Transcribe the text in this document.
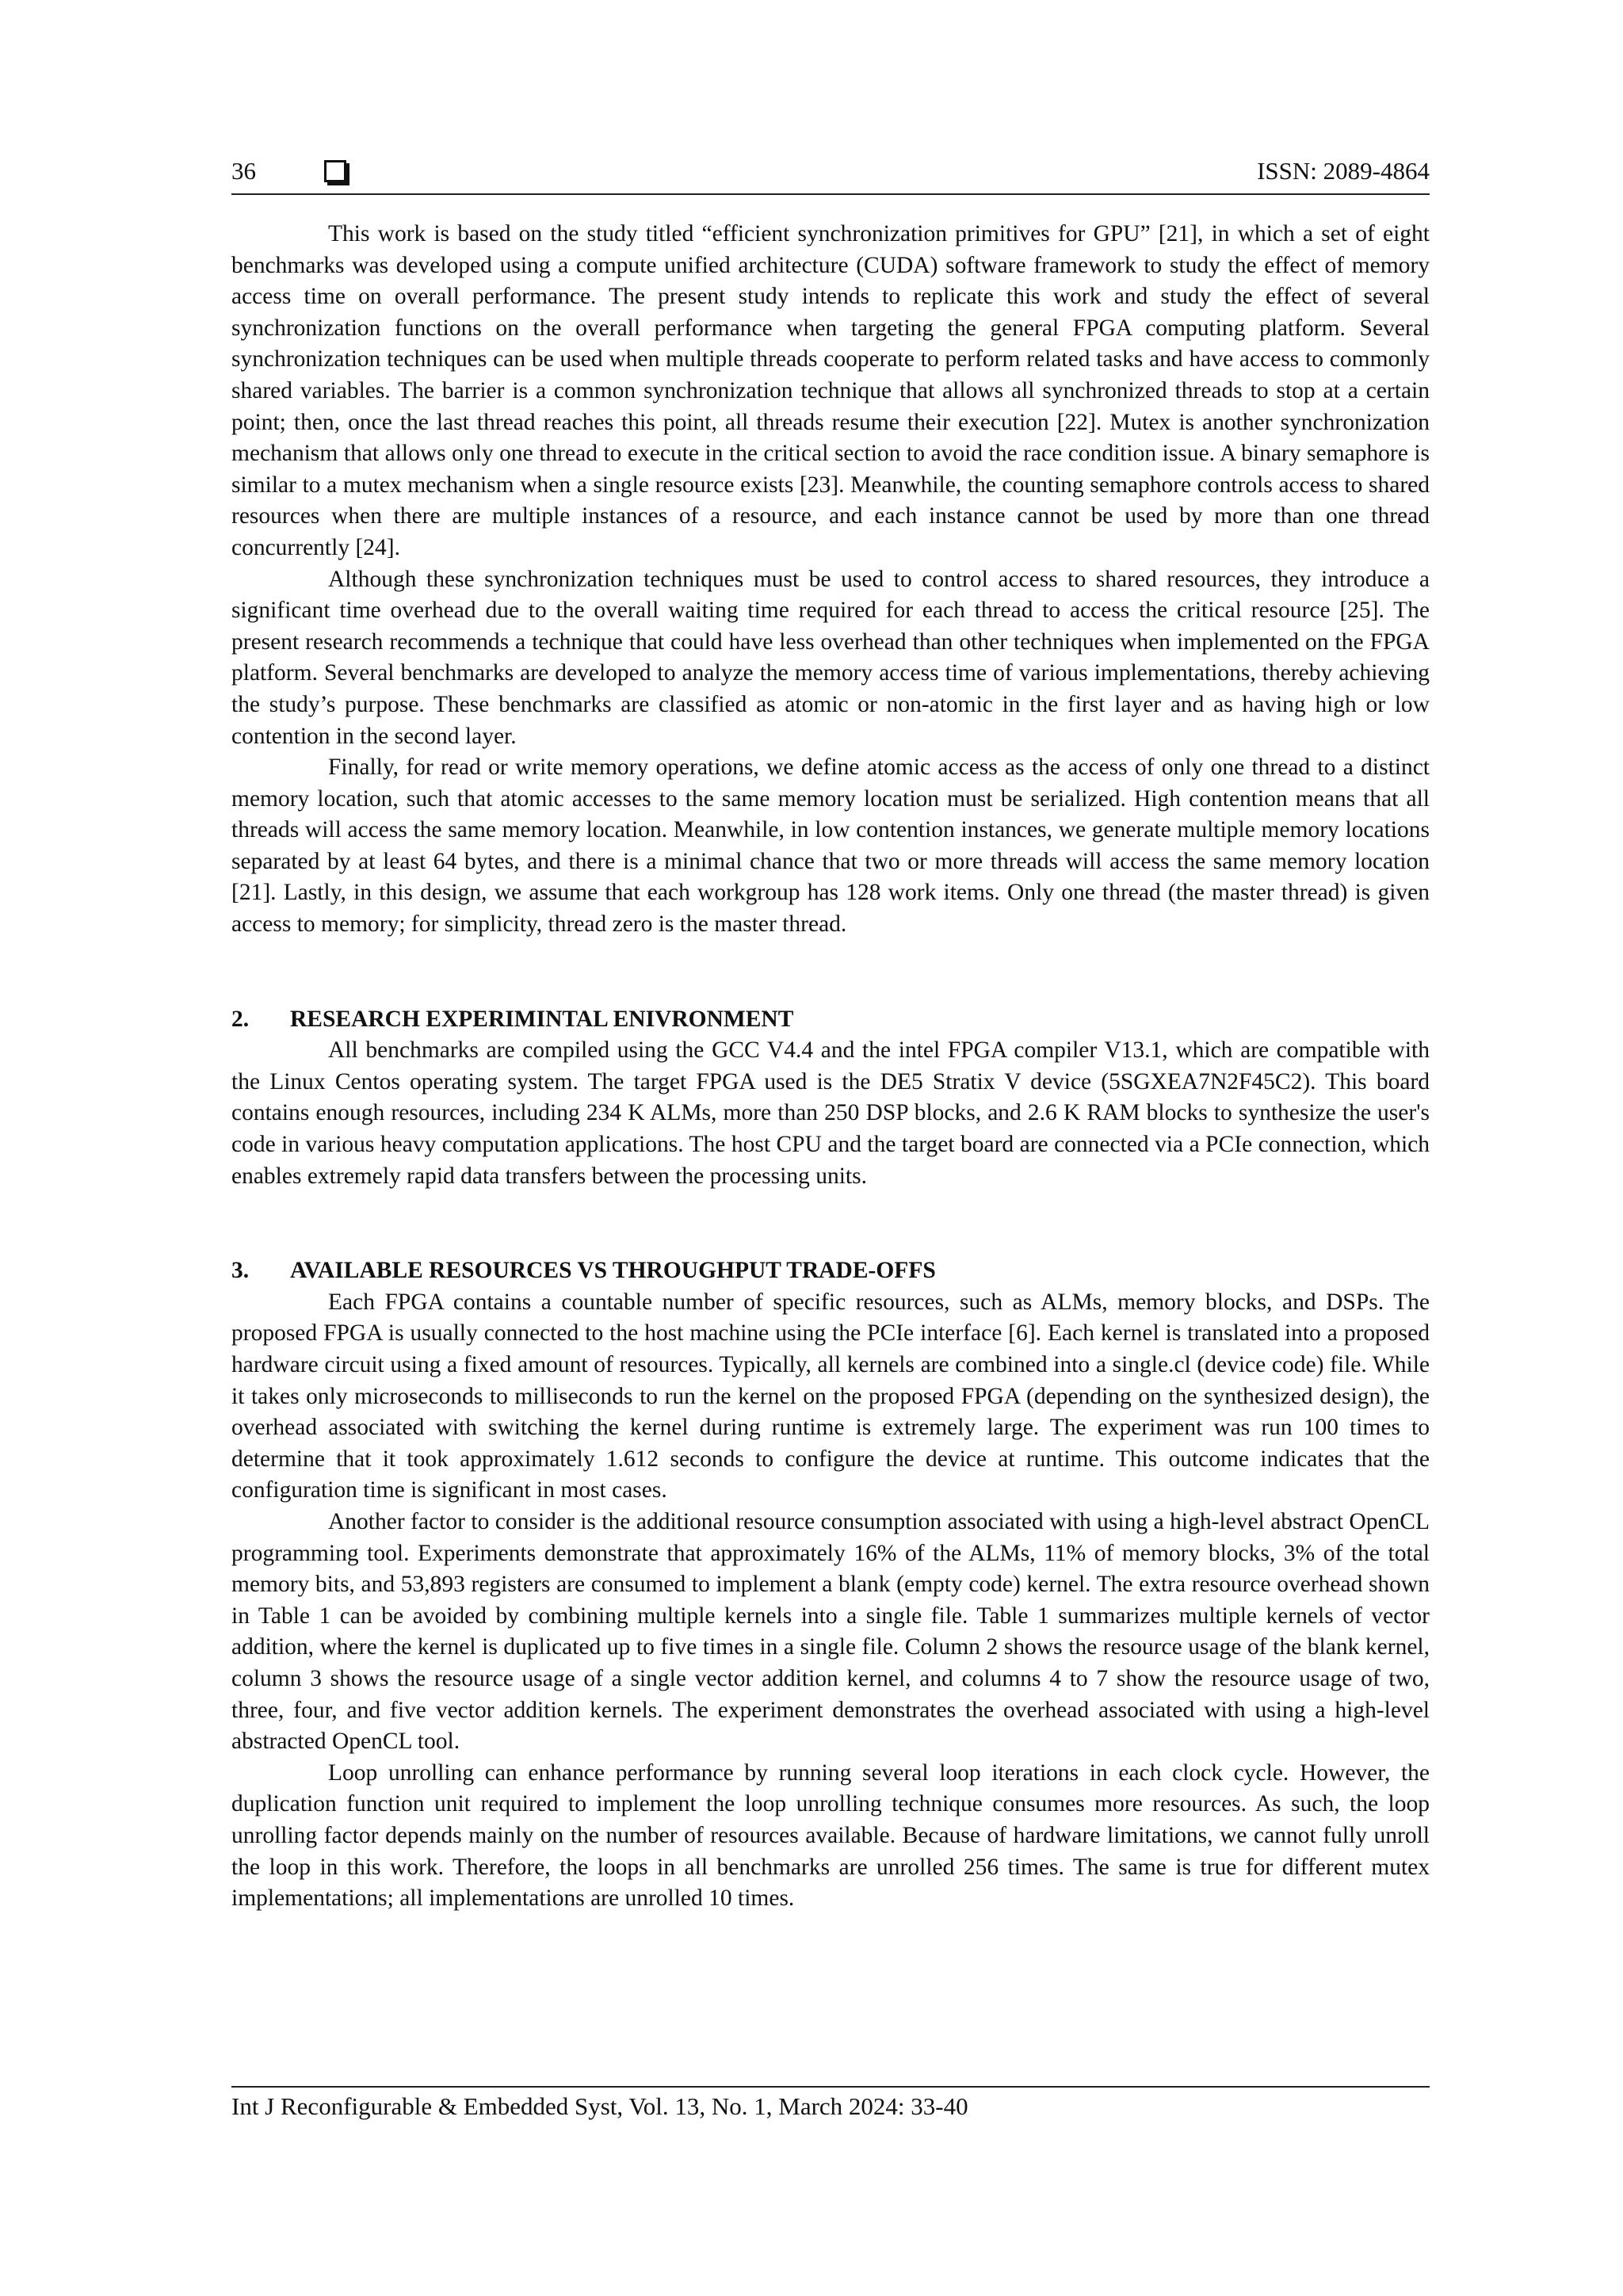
36	ISSN: 2089-4864

This work is based on the study titled “efficient synchronization primitives for GPU” [21], in which a set of eight benchmarks was developed using a compute unified architecture (CUDA) software framework to study the effect of memory access time on overall performance. The present study intends to replicate this work and study the effect of several synchronization functions on the overall performance when targeting the general FPGA computing platform. Several synchronization techniques can be used when multiple threads cooperate to perform related tasks and have access to commonly shared variables. The barrier is a common synchronization technique that allows all synchronized threads to stop at a certain point; then, once the last thread reaches this point, all threads resume their execution [22]. Mutex is another synchronization mechanism that allows only one thread to execute in the critical section to avoid the race condition issue. A binary semaphore is similar to a mutex mechanism when a single resource exists [23]. Meanwhile, the counting semaphore controls access to shared resources when there are multiple instances of a resource, and each instance cannot be used by more than one thread concurrently [24].

Although these synchronization techniques must be used to control access to shared resources, they introduce a significant time overhead due to the overall waiting time required for each thread to access the critical resource [25]. The present research recommends a technique that could have less overhead than other techniques when implemented on the FPGA platform. Several benchmarks are developed to analyze the memory access time of various implementations, thereby achieving the study’s purpose. These benchmarks are classified as atomic or non-atomic in the first layer and as having high or low contention in the second layer.

Finally, for read or write memory operations, we define atomic access as the access of only one thread to a distinct memory location, such that atomic accesses to the same memory location must be serialized. High contention means that all threads will access the same memory location. Meanwhile, in low contention instances, we generate multiple memory locations separated by at least 64 bytes, and there is a minimal chance that two or more threads will access the same memory location [21]. Lastly, in this design, we assume that each workgroup has 128 work items. Only one thread (the master thread) is given access to memory; for simplicity, thread zero is the master thread.

2. RESEARCH EXPERIMINTAL ENIVRONMENT

All benchmarks are compiled using the GCC V4.4 and the intel FPGA compiler V13.1, which are compatible with the Linux Centos operating system. The target FPGA used is the DE5 Stratix V device (5SGXEA7N2F45C2). This board contains enough resources, including 234 K ALMs, more than 250 DSP blocks, and 2.6 K RAM blocks to synthesize the user's code in various heavy computation applications. The host CPU and the target board are connected via a PCIe connection, which enables extremely rapid data transfers between the processing units.

3. AVAILABLE RESOURCES VS THROUGHPUT TRADE-OFFS

Each FPGA contains a countable number of specific resources, such as ALMs, memory blocks, and DSPs. The proposed FPGA is usually connected to the host machine using the PCIe interface [6]. Each kernel is translated into a proposed hardware circuit using a fixed amount of resources. Typically, all kernels are combined into a single.cl (device code) file. While it takes only microseconds to milliseconds to run the kernel on the proposed FPGA (depending on the synthesized design), the overhead associated with switching the kernel during runtime is extremely large. The experiment was run 100 times to determine that it took approximately 1.612 seconds to configure the device at runtime. This outcome indicates that the configuration time is significant in most cases.

Another factor to consider is the additional resource consumption associated with using a high-level abstract OpenCL programming tool. Experiments demonstrate that approximately 16% of the ALMs, 11% of memory blocks, 3% of the total memory bits, and 53,893 registers are consumed to implement a blank (empty code) kernel. The extra resource overhead shown in Table 1 can be avoided by combining multiple kernels into a single file. Table 1 summarizes multiple kernels of vector addition, where the kernel is duplicated up to five times in a single file. Column 2 shows the resource usage of the blank kernel, column 3 shows the resource usage of a single vector addition kernel, and columns 4 to 7 show the resource usage of two, three, four, and five vector addition kernels. The experiment demonstrates the overhead associated with using a high-level abstracted OpenCL tool.

Loop unrolling can enhance performance by running several loop iterations in each clock cycle. However, the duplication function unit required to implement the loop unrolling technique consumes more resources. As such, the loop unrolling factor depends mainly on the number of resources available. Because of hardware limitations, we cannot fully unroll the loop in this work. Therefore, the loops in all benchmarks are unrolled 256 times. The same is true for different mutex implementations; all implementations are unrolled 10 times.

Int J Reconfigurable & Embedded Syst, Vol. 13, No. 1, March 2024: 33-40
